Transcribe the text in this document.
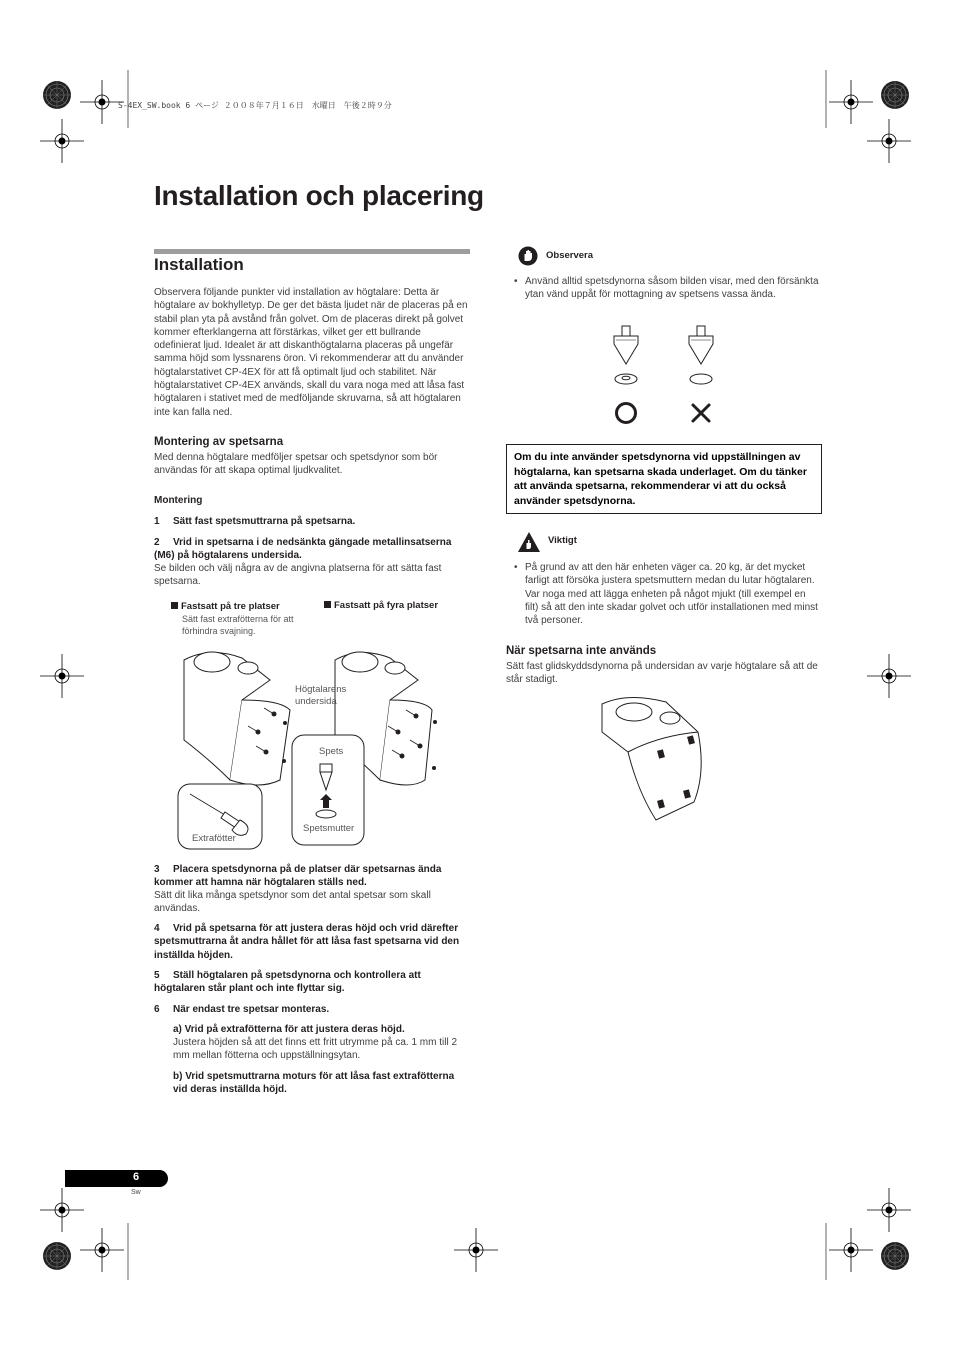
S-4EX_SW.book 6 ページ ２００８年７月１６日　水曜日　午後２時９分
Installation och placering
Installation
Observera följande punkter vid installation av högtalare: Detta är högtalare av bokhylletyp. De ger det bästa ljudet när de placeras på en stabil plan yta på avstånd från golvet. Om de placeras direkt på golvet kommer efterklangerna att förstärkas, vilket ger ett bullrande odefinierat ljud. Idealet är att diskanthögtalarna placeras på ungefär samma höjd som lyssnarens öron. Vi rekommenderar att du använder högtalarstativet CP-4EX för att få optimalt ljud och stabilitet. När högtalarstativet CP-4EX används, skall du vara noga med att låsa fast högtalaren i stativet med de medföljande skruvarna, så att högtalaren inte kan falla ned.
Montering av spetsarna
Med denna högtalare medföljer spetsar och spetsdynor som bör användas för att skapa optimal ljudkvalitet.
Montering
1 Sätt fast spetsmuttrarna på spetsarna.
2 Vrid in spetsarna i de nedsänkta gängade metallinsatserna (M6) på högtalarens undersida.
Se bilden och välj några av de angivna platserna för att sätta fast spetsarna.
Fastsatt på tre platser
Sätt fast extrafötterna för att förhindra svajning.
Fastsatt på fyra platser
Högtalarens undersida
Spets
Spetsmutter
Extrafötter
3 Placera spetsdynorna på de platser där spetsarnas ända kommer att hamna när högtalaren ställs ned.
Sätt dit lika många spetsdynor som det antal spetsar som skall användas.
4 Vrid på spetsarna för att justera deras höjd och vrid därefter spetsmuttrarna åt andra hållet för att låsa fast spetsarna vid den inställda höjden.
5 Ställ högtalaren på spetsdynorna och kontrollera att högtalaren står plant och inte flyttar sig.
6 När endast tre spetsar monteras.
a) Vrid på extrafötterna för att justera deras höjd.
Justera höjden så att det finns ett fritt utrymme på ca. 1 mm till 2 mm mellan fötterna och uppställningsytan.
b) Vrid spetsmuttrarna moturs för att låsa fast extrafötterna vid deras inställda höjd.
Observera
• Använd alltid spetsdynorna såsom bilden visar, med den försänkta ytan vänd uppåt för mottagning av spetsens vassa ända.
Om du inte använder spetsdynorna vid uppställningen av högtalarna, kan spetsarna skada underlaget. Om du tänker att använda spetsarna, rekommenderar vi att du också använder spetsdynorna.
Viktigt
• På grund av att den här enheten väger ca. 20 kg, är det mycket farligt att försöka justera spetsmuttern medan du lutar högtalaren. Var noga med att lägga enheten på något mjukt (till exempel en filt) så att den inte skadar golvet och utför installationen med minst två personer.
När spetsarna inte används
Sätt fast glidskyddsdynorna på undersidan av varje högtalare så att de står stadigt.
6
Sw
